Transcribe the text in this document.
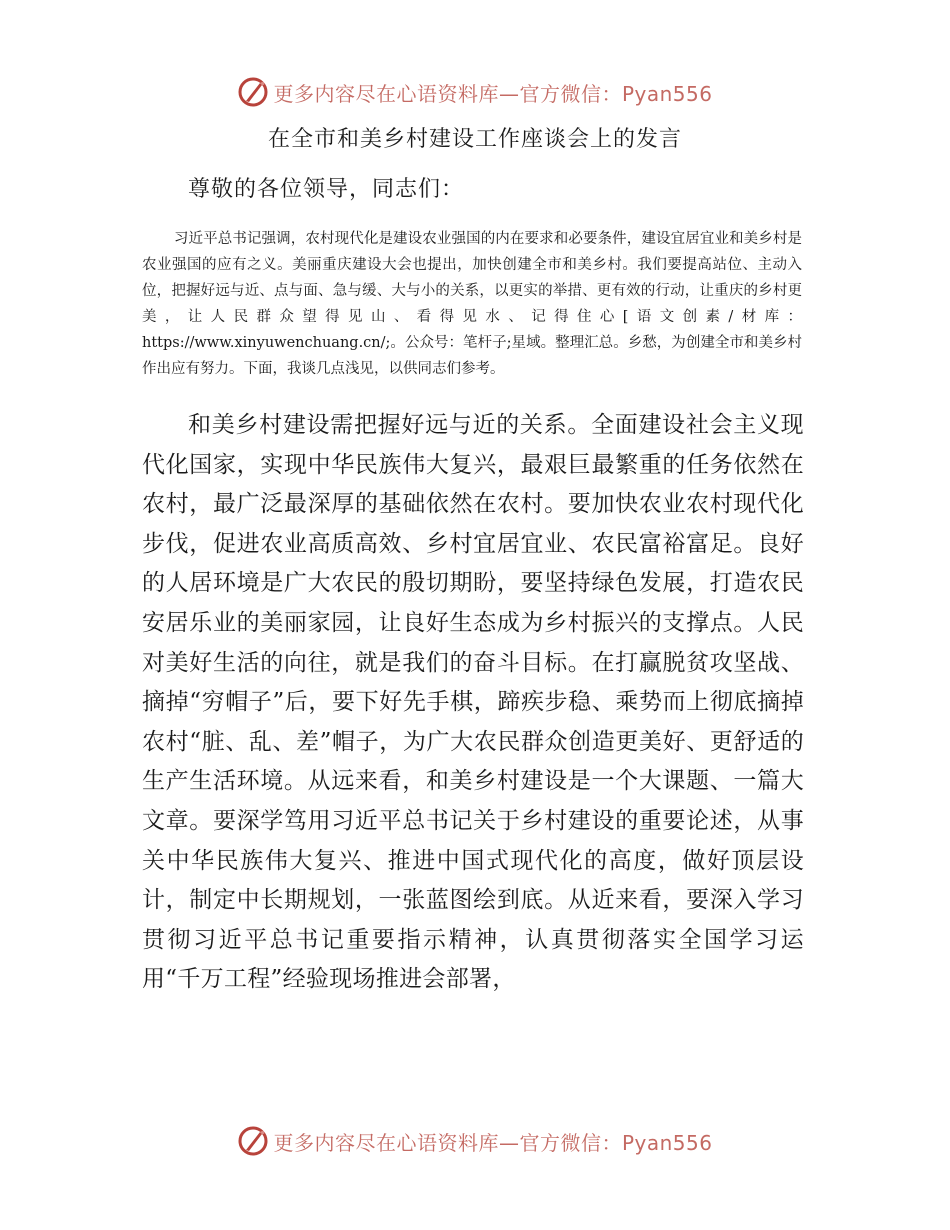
更多内容尽在心语资料库—官方微信：Pyan556
在全市和美乡村建设工作座谈会上的发言
尊敬的各位领导，同志们：

习近平总书记强调，农村现代化是建设农业强国的内在要求和必要条件，建设宜居宜业和美乡村是农业强国的应有之义。美丽重庆建设大会也提出，加快创建全市和美乡村。我们要提高站位、主动入位，把握好远与近、点与面、急与缓、大与小的关系，以更实的举措、更有效的行动，让重庆的乡村更美，让人民群众望得见山、看得见水、记得住心[语文创素/材库：https://www.xinyuwenchuang.cn/;。公众号：笔杆子;星域。整理汇总。乡愁，为创建全市和美乡村作出应有努力。下面，我谈几点浅见，以供同志们参考。

和美乡村建设需把握好远与近的关系。全面建设社会主义现代化国家，实现中华民族伟大复兴，最艰巨最繁重的任务依然在农村，最广泛最深厚的基础依然在农村。要加快农业农村现代化步伐，促进农业高质高效、乡村宜居宜业、农民富裕富足。良好的人居环境是广大农民的殷切期盼，要坚持绿色发展，打造农民安居乐业的美丽家园，让良好生态成为乡村振兴的支撑点。人民对美好生活的向往，就是我们的奋斗目标。在打赢脱贫攻坚战、摘掉“穷帽子”后，要下好先手棋，蹄疾步稳、乘势而上彻底摘掉农村“脏、乱、差”帽子，为广大农民群众创造更美好、更舒适的生产生活环境。从远来看，和美乡村建设是一个大课题、一篇大文章。要深学笃用习近平总书记关于乡村建设的重要论述，从事关中华民族伟大复兴、推进中国式现代化的高度，做好顶层设计，制定中长期规划，一张蓝图绘到底。从近来看，要深入学习贯彻习近平总书记重要指示精神，认真贯彻落实全国学习运用“千万工程”经验现场推进会部署，

更多内容尽在心语资料库—官方微信：Pyan556
